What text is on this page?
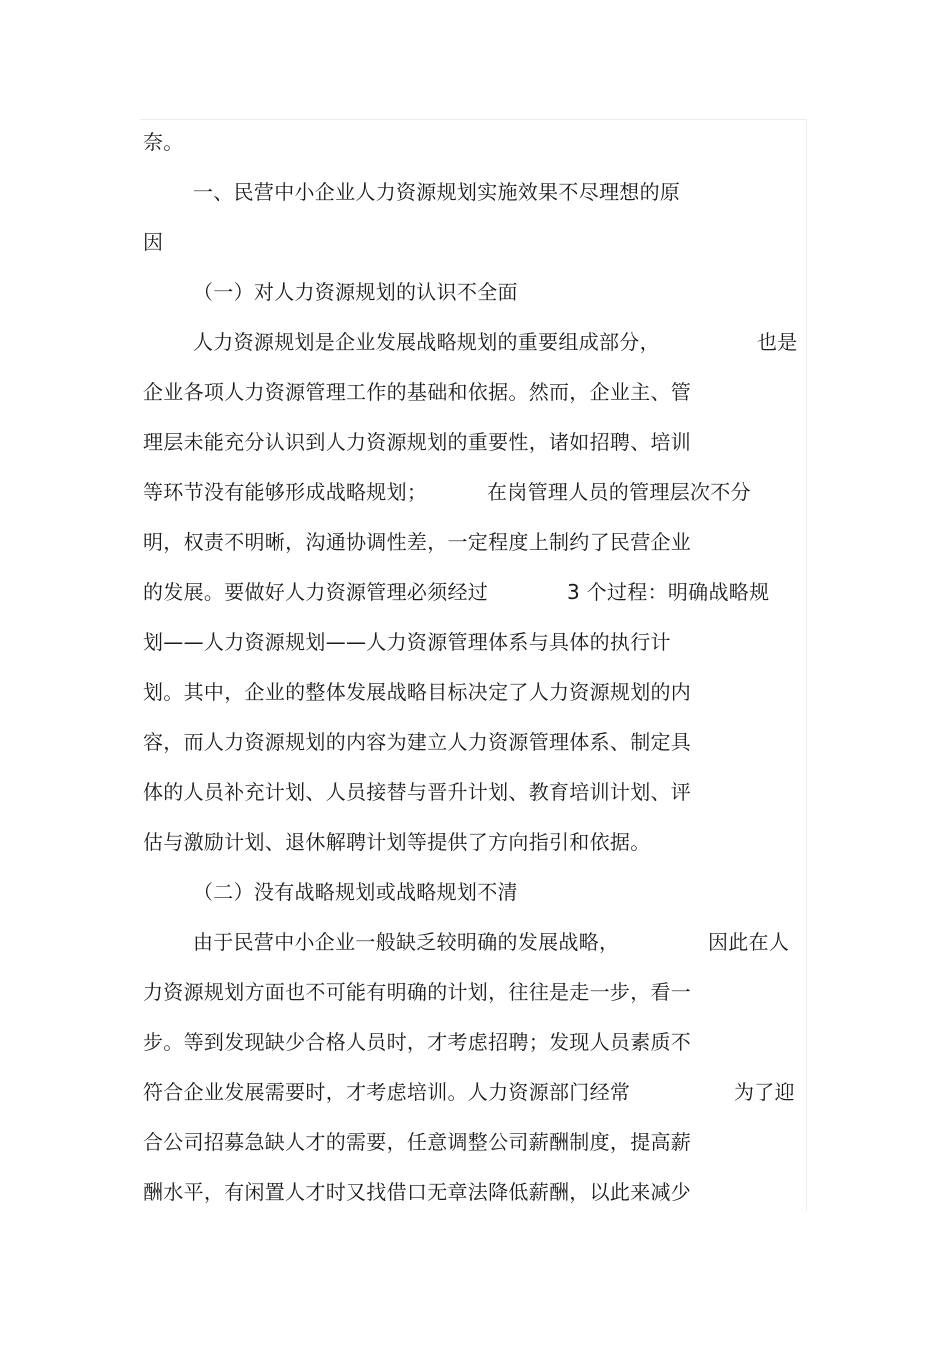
奈。
一、民营中小企业人力资源规划实施效果不尽理想的原
因
（一）对人力资源规划的认识不全面
人力资源规划是企业发展战略规划的重要组成部分，	也是
企业各项人力资源管理工作的基础和依据。然而，企业主、管
理层未能充分认识到人力资源规划的重要性，诸如招聘、培训
等环节没有能够形成战略规划；	在岗管理人员的管理层次不分
明，权责不明晰，沟通协调性差，一定程度上制约了民营企业
的发展。要做好人力资源管理必须经过	3 个过程：明确战略规
划——人力资源规划——人力资源管理体系与具体的执行计
划。其中，企业的整体发展战略目标决定了人力资源规划的内
容，而人力资源规划的内容为建立人力资源管理体系、制定具
体的人员补充计划、人员接替与晋升计划、教育培训计划、评
估与激励计划、退休解聘计划等提供了方向指引和依据。
（二）没有战略规划或战略规划不清
由于民营中小企业一般缺乏较明确的发展战略，	因此在人
力资源规划方面也不可能有明确的计划，往往是走一步，看一
步。等到发现缺少合格人员时，才考虑招聘；发现人员素质不
符合企业发展需要时，才考虑培训。人力资源部门经常	为了迎
合公司招募急缺人才的需要，任意调整公司薪酬制度，提高薪
酬水平，有闲置人才时又找借口无章法降低薪酬，以此来减少
